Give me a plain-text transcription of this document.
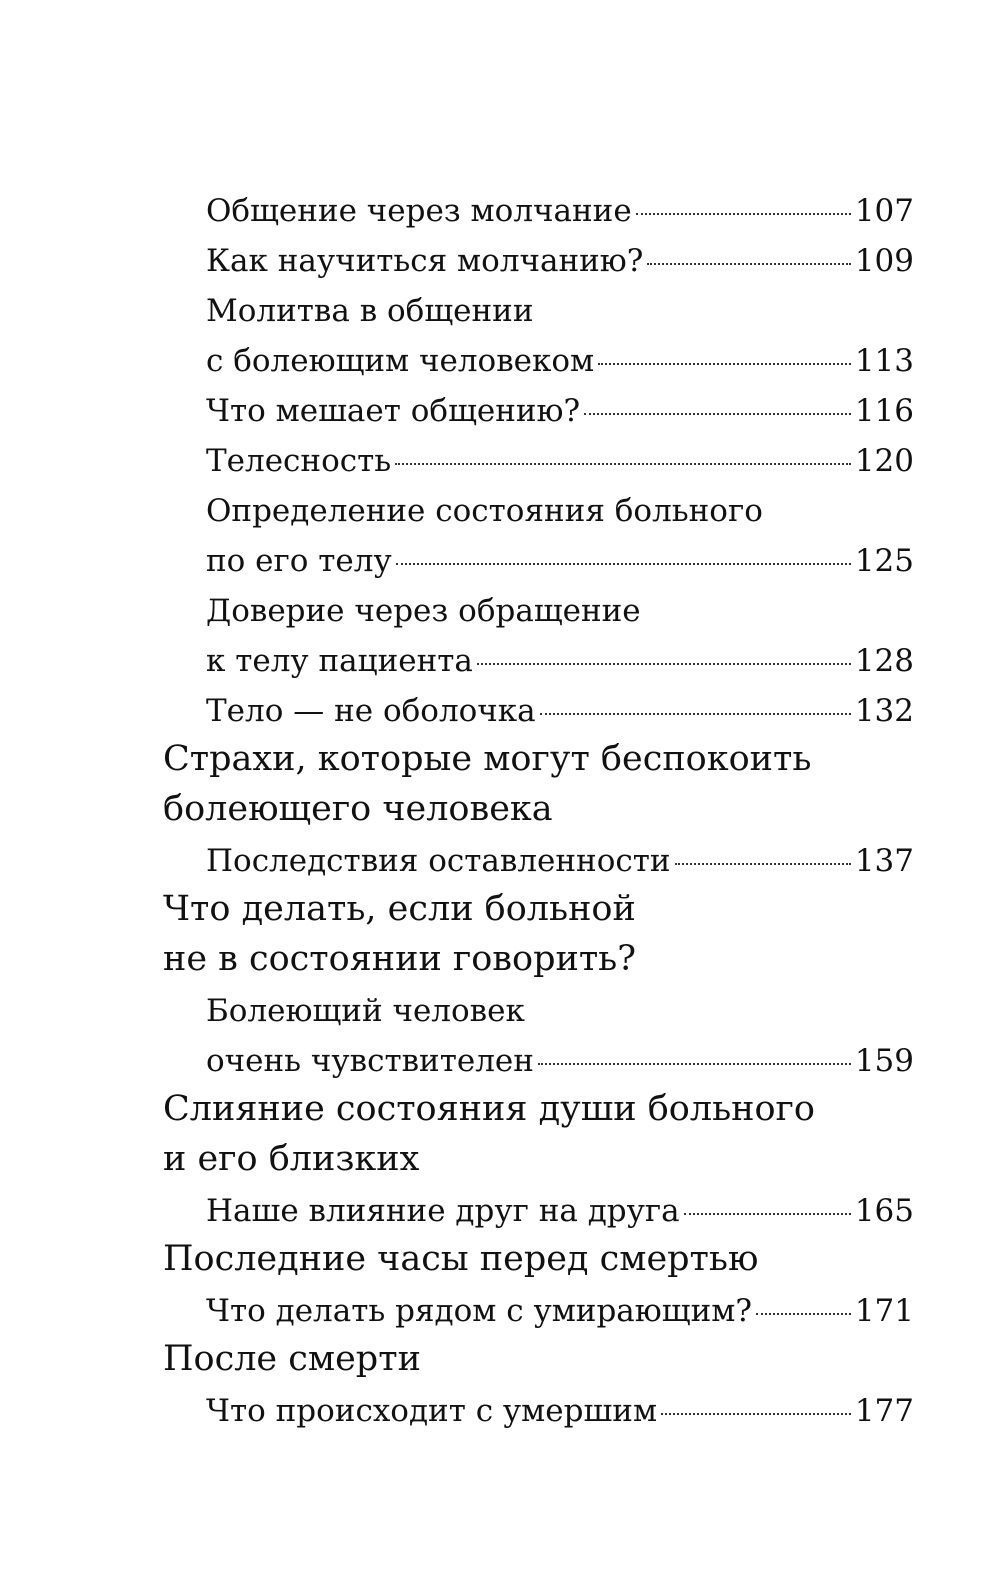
Общение через молчание	107
Как научиться молчанию?	109
Молитва в общении
с болеющим человеком	113
Что мешает общению?	116
Телесность	120
Определение состояния больного
по его телу	125
Доверие через обращение
к телу пациента	128
Тело — не оболочка	132
Страхи, которые могут беспокоить
болеющего человека
Последствия оставленности	137
Что делать, если больной
не в состоянии говорить?
Болеющий человек
очень чувствителен	159
Слияние состояния души больного
и его близких
Наше влияние друг на друга	165
Последние часы перед смертью
Что делать рядом с умирающим?	171
После смерти
Что происходит с умершим	177
